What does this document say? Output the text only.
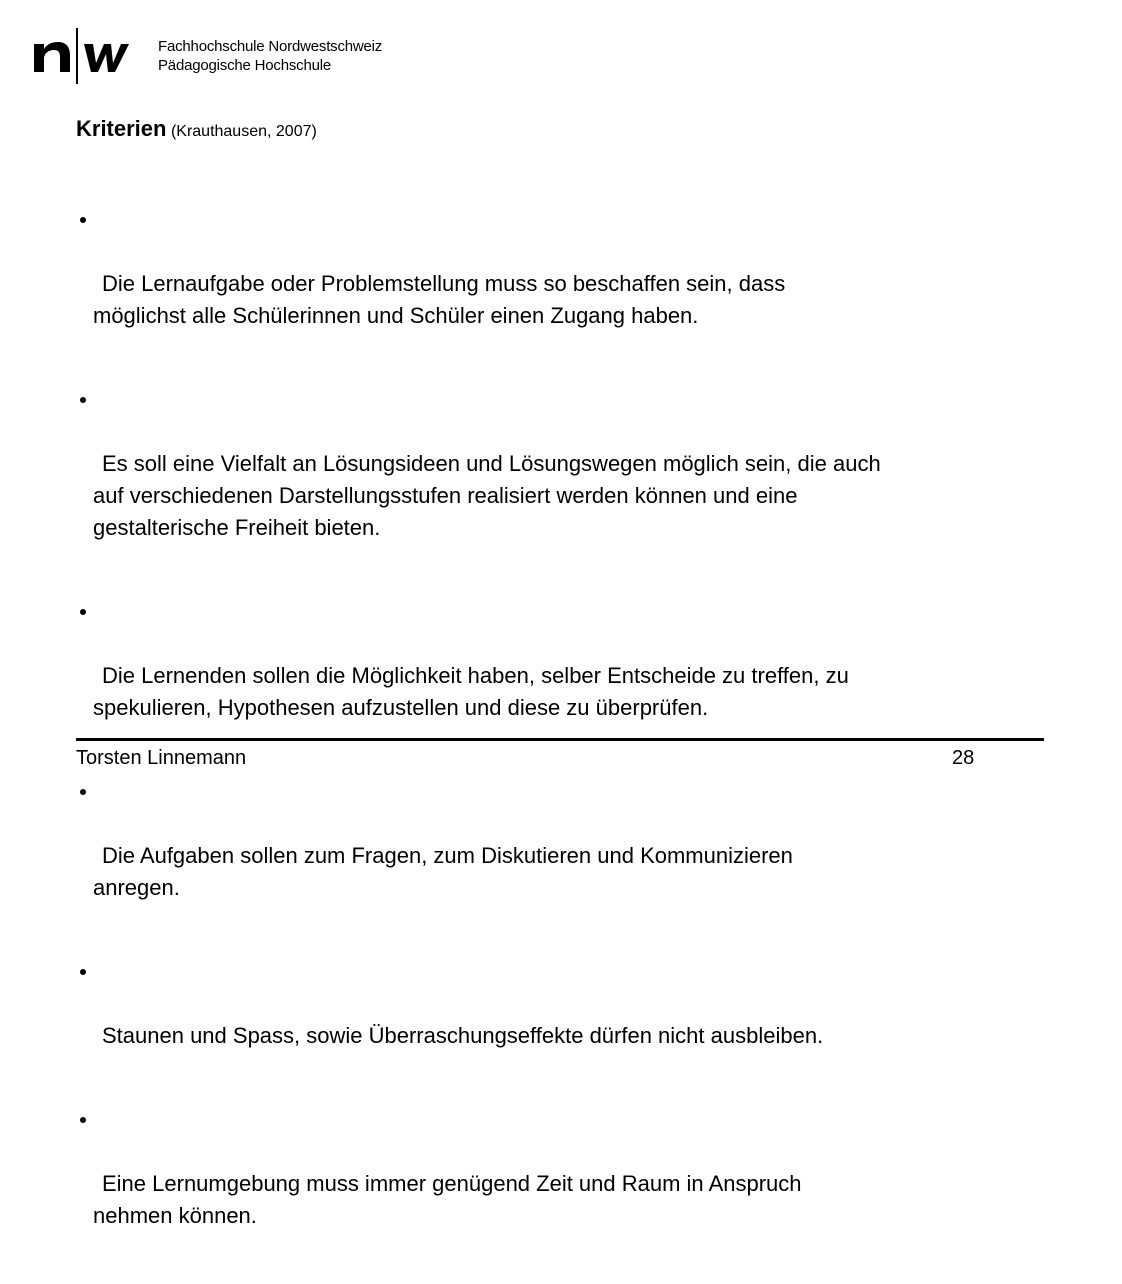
Fachhochschule Nordwestschweiz
Pädagogische Hochschule
Kriterien (Krauthausen, 2007)

Die Lernaufgabe oder Problemstellung muss so beschaffen sein, dass
möglichst alle Schülerinnen und Schüler einen Zugang haben.

Es soll eine Vielfalt an Lösungsideen und Lösungswegen möglich sein, die auch
auf verschiedenen Darstellungsstufen realisiert werden können und eine
gestalterische Freiheit bieten.

Die Lernenden sollen die Möglichkeit haben, selber Entscheide zu treffen, zu
spekulieren, Hypothesen aufzustellen und diese zu überprüfen.

Die Aufgaben sollen zum Fragen, zum Diskutieren und Kommunizieren
anregen.

Staunen und Spass, sowie Überraschungseffekte dürfen nicht ausbleiben.

Eine Lernumgebung muss immer genügend Zeit und Raum in Anspruch
nehmen können.

Torsten Linnemann	28
